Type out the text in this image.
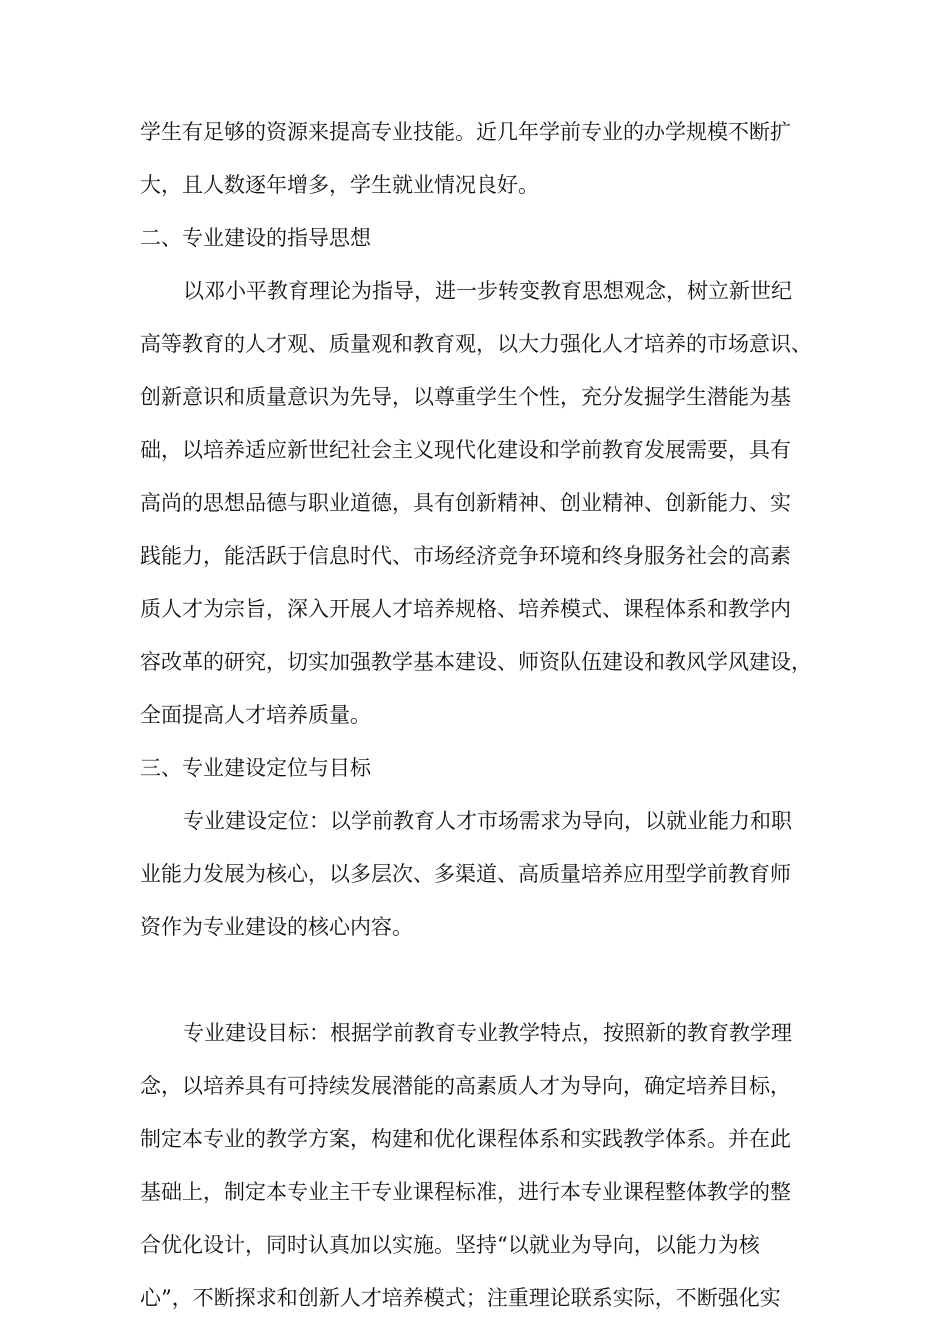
学生有足够的资源来提高专业技能。近几年学前专业的办学规模不断扩
大，且人数逐年增多，学生就业情况良好。
二、专业建设的指导思想
以邓小平教育理论为指导，进一步转变教育思想观念，树立新世纪
高等教育的人才观、质量观和教育观，以大力强化人才培养的市场意识、
创新意识和质量意识为先导，以尊重学生个性，充分发掘学生潜能为基
础，以培养适应新世纪社会主义现代化建设和学前教育发展需要，具有
高尚的思想品德与职业道德，具有创新精神、创业精神、创新能力、实
践能力，能活跃于信息时代、市场经济竞争环境和终身服务社会的高素
质人才为宗旨，深入开展人才培养规格、培养模式、课程体系和教学内
容改革的研究，切实加强教学基本建设、师资队伍建设和教风学风建设，
全面提高人才培养质量。
三、专业建设定位与目标
专业建设定位：以学前教育人才市场需求为导向，以就业能力和职
业能力发展为核心，以多层次、多渠道、高质量培养应用型学前教育师
资作为专业建设的核心内容。
专业建设目标：根据学前教育专业教学特点，按照新的教育教学理
念，以培养具有可持续发展潜能的高素质人才为导向，确定培养目标，
制定本专业的教学方案，构建和优化课程体系和实践教学体系。并在此
基础上，制定本专业主干专业课程标准，进行本专业课程整体教学的整
合优化设计，同时认真加以实施。坚持“以就业为导向，以能力为核
心”，不断探求和创新人才培养模式；注重理论联系实际，不断强化实
